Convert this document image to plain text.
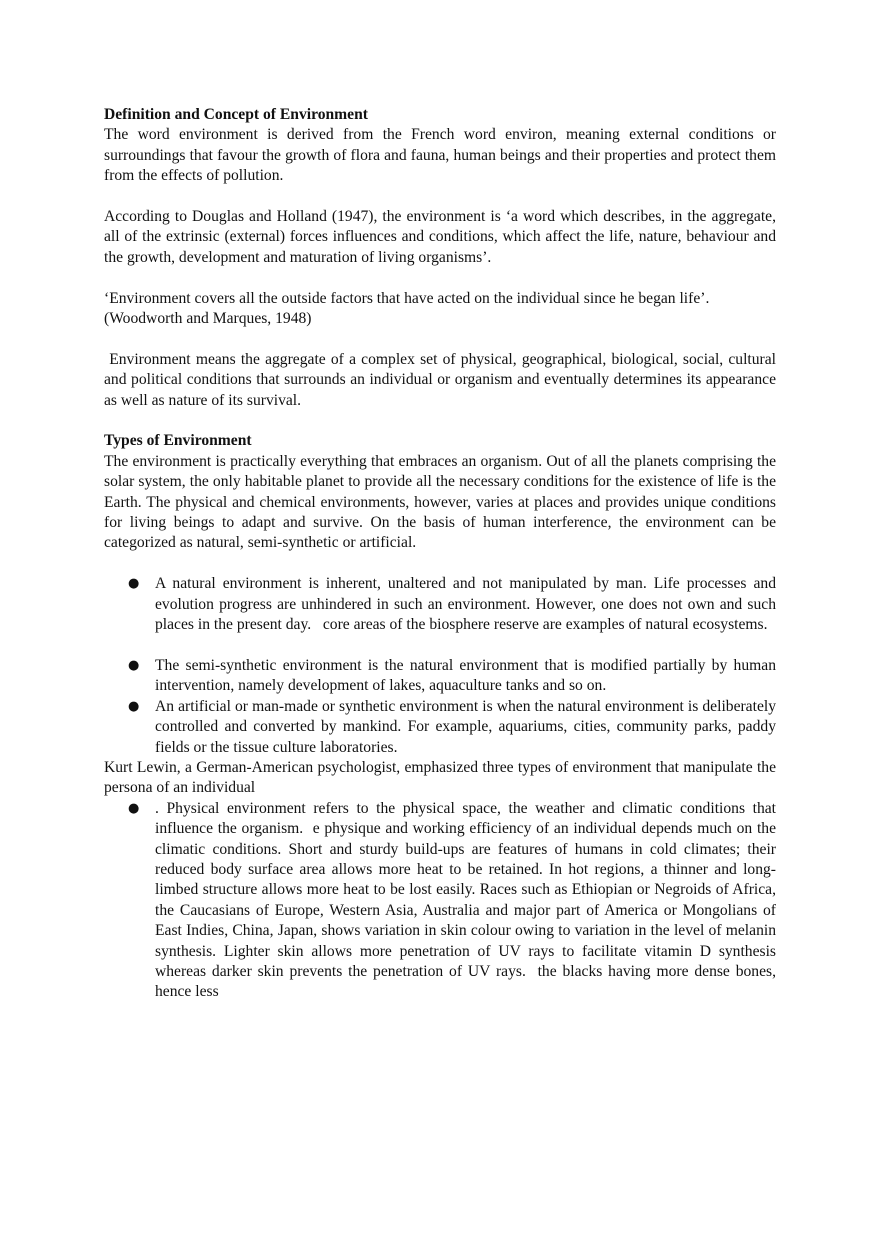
Definition and Concept of Environment

The word environment is derived from the French word environ, meaning external conditions or surroundings that favour the growth of flora and fauna, human beings and their properties and protect them from the effects of pollution.

According to Douglas and Holland (1947), the environment is ‘a word which describes, in the aggregate, all of the extrinsic (external) forces influences and conditions, which affect the life, nature, behaviour and the growth, development and maturation of living organisms’.

‘Environment covers all the outside factors that have acted on the individual since he began life’. (Woodworth and Marques, 1948)

Environment means the aggregate of a complex set of physical, geographical, biological, social, cultural and political conditions that surrounds an individual or organism and eventually determines its appearance as well as nature of its survival.

Types of Environment

The environment is practically everything that embraces an organism. Out of all the planets comprising the solar system, the only habitable planet to provide all the necessary conditions for the existence of life is the Earth. The physical and chemical environments, however, varies at places and provides unique conditions for living beings to adapt and survive. On the basis of human interference, the environment can be categorized as natural, semi-synthetic or artificial.

● A natural environment is inherent, unaltered and not manipulated by man. Life processes and evolution progress are unhindered in such an environment. However, one does not own and such places in the present day.   core areas of the biosphere reserve are examples of natural ecosystems.
● The semi-synthetic environment is the natural environment that is modified partially by human intervention, namely development of lakes, aquaculture tanks and so on.
● An artificial or man-made or synthetic environment is when the natural environment is deliberately controlled and converted by mankind. For example, aquariums, cities, community parks, paddy fields or the tissue culture laboratories.

Kurt Lewin, a German-American psychologist, emphasized three types of environment that manipulate the persona of an individual

● . Physical environment refers to the physical space, the weather and climatic conditions that influence the organism.  e physique and working efficiency of an individual depends much on the climatic conditions. Short and sturdy build-ups are features of humans in cold climates; their reduced body surface area allows more heat to be retained. In hot regions, a thinner and long-limbed structure allows more heat to be lost easily. Races such as Ethiopian or Negroids of Africa, the Caucasians of Europe, Western Asia, Australia and major part of America or Mongolians of East Indies, China, Japan, shows variation in skin colour owing to variation in the level of melanin synthesis. Lighter skin allows more penetration of UV rays to facilitate vitamin D synthesis whereas darker skin prevents the penetration of UV rays.  the blacks having more dense bones, hence less
